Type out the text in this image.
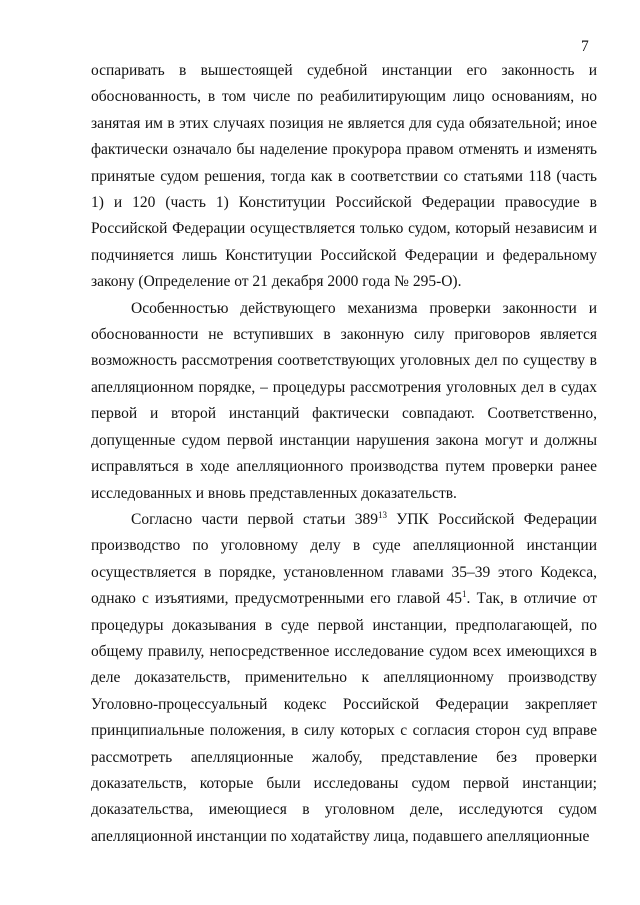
7

оспаривать в вышестоящей судебной инстанции его законность и обоснованность, в том числе по реабилитирующим лицо основаниям, но занятая им в этих случаях позиция не является для суда обязательной; иное фактически означало бы наделение прокурора правом отменять и изменять принятые судом решения, тогда как в соответствии со статьями 118 (часть 1) и 120 (часть 1) Конституции Российской Федерации правосудие в Российской Федерации осуществляется только судом, который независим и подчиняется лишь Конституции Российской Федерации и федеральному закону (Определение от 21 декабря 2000 года № 295-О).

Особенностью действующего механизма проверки законности и обоснованности не вступивших в законную силу приговоров является возможность рассмотрения соответствующих уголовных дел по существу в апелляционном порядке, – процедуры рассмотрения уголовных дел в судах первой и второй инстанций фактически совпадают. Соответственно, допущенные судом первой инстанции нарушения закона могут и должны исправляться в ходе апелляционного производства путем проверки ранее исследованных и вновь представленных доказательств.

Согласно части первой статьи $389^{13}$ УПК Российской Федерации производство по уголовному делу в суде апелляционной инстанции осуществляется в порядке, установленном главами 35–39 этого Кодекса, однако с изъятиями, предусмотренными его главой $45^1$. Так, в отличие от процедуры доказывания в суде первой инстанции, предполагающей, по общему правилу, непосредственное исследование судом всех имеющихся в деле доказательств, применительно к апелляционному производству Уголовно-процессуальный кодекс Российской Федерации закрепляет принципиальные положения, в силу которых с согласия сторон суд вправе рассмотреть апелляционные жалобу, представление без проверки доказательств, которые были исследованы судом первой инстанции; доказательства, имеющиеся в уголовном деле, исследуются судом апелляционной инстанции по ходатайству лица, подавшего апелляционные
